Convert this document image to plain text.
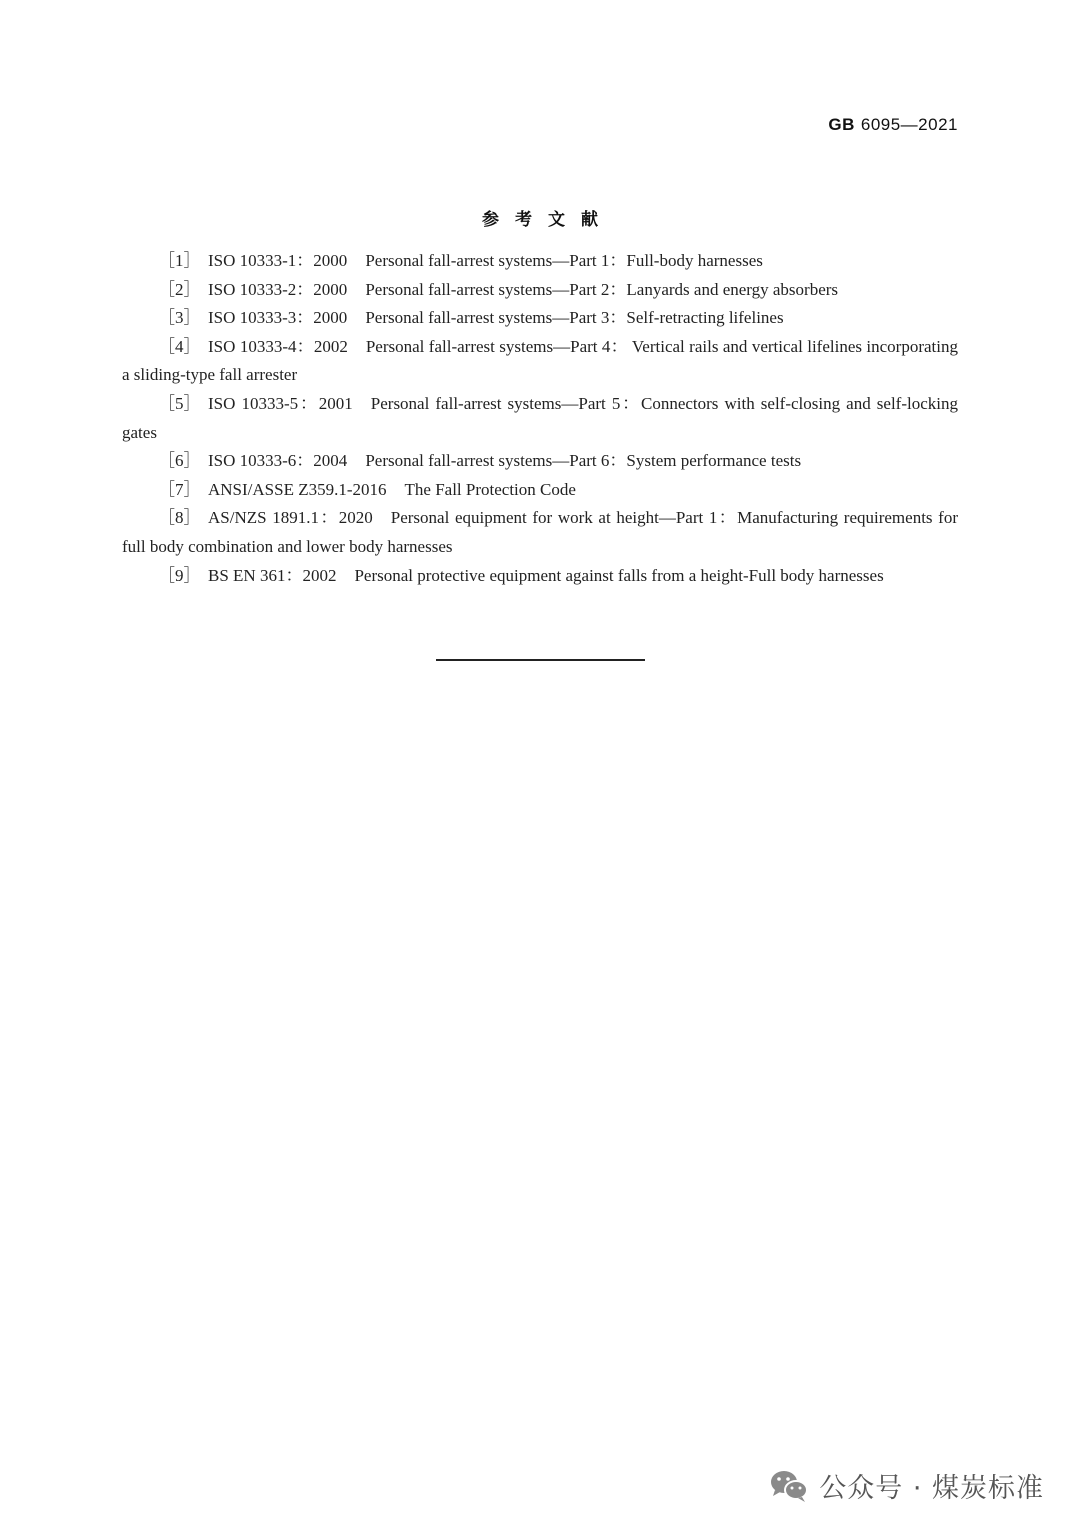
GB 6095—2021
参考文献

［1］ ISO 10333-1：2000 Personal fall-arrest systems—Part 1：Full-body harnesses

［2］ ISO 10333-2：2000 Personal fall-arrest systems—Part 2：Lanyards and energy absorbers

［3］ ISO 10333-3：2000 Personal fall-arrest systems—Part 3：Self-retracting lifelines

［4］ ISO 10333-4：2002 Personal fall-arrest systems—Part 4： Vertical rails and vertical lifelines incorporating a sliding-type fall arrester

［5］ ISO 10333-5：2001 Personal fall-arrest systems—Part 5：Connectors with self-closing and self-locking gates

［6］ ISO 10333-6：2004 Personal fall-arrest systems—Part 6：System performance tests

［7］ ANSI/ASSE Z359.1-2016 The Fall Protection Code

［8］ AS/NZS 1891.1：2020 Personal equipment for work at height—Part 1：Manufacturing requirements for full body combination and lower body harnesses

［9］ BS EN 361：2002 Personal protective equipment against falls from a height-Full body harnesses

公众号 · 煤炭标准
